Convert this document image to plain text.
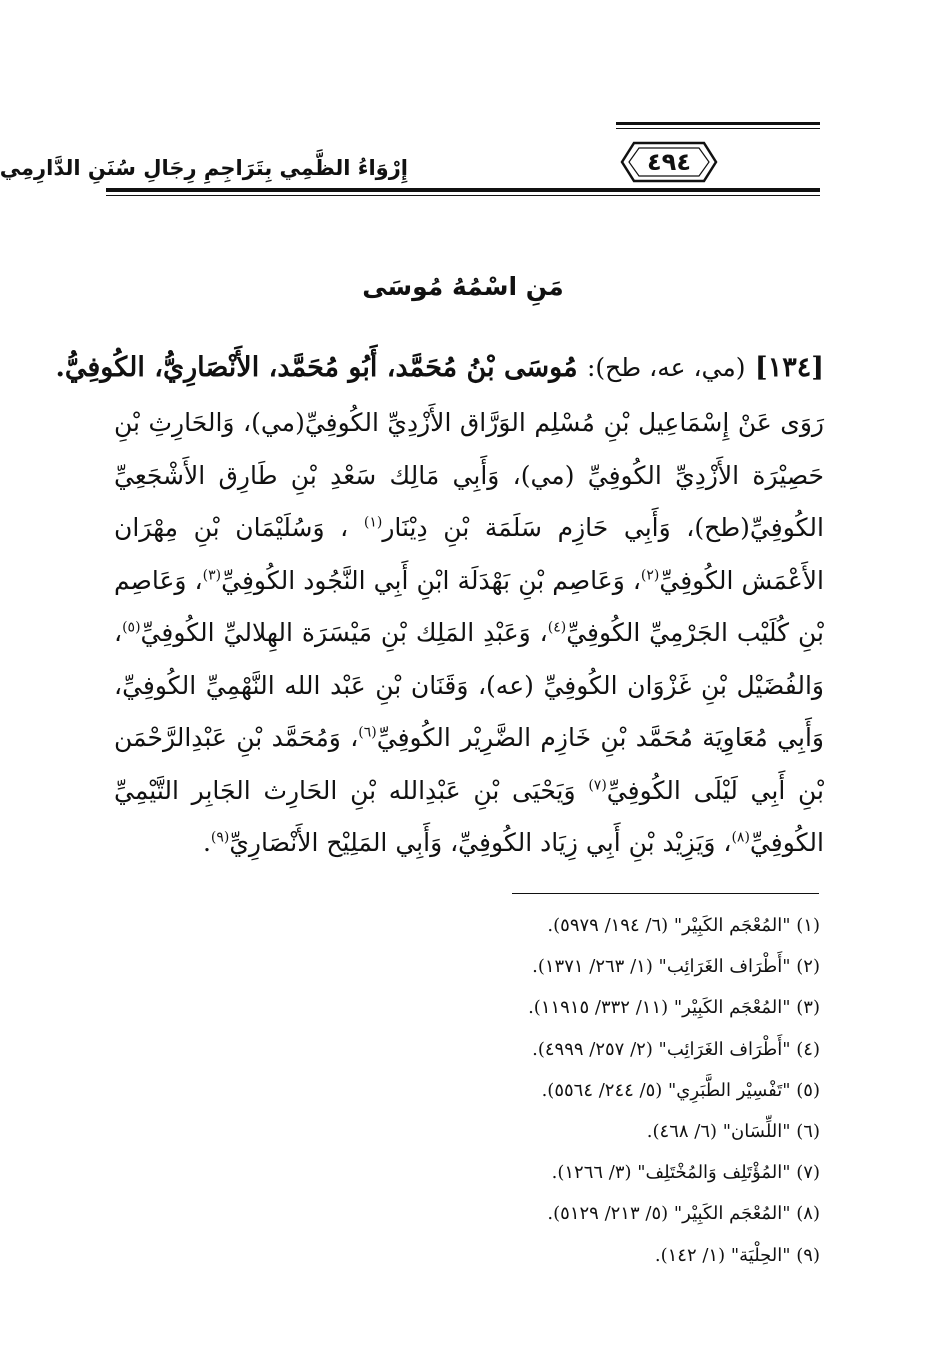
إِرْوَاءُ الظَّمِي بِتَرَاجِمِ رِجَالِ سُنَنِ الدَّارِمِي	٤٩٤
مَنِ اسْمُهُ مُوسَى
[١٣٤] (مي، عه، طح): مُوسَى بْنُ مُحَمَّد، أَبُو مُحَمَّد، الأَنْصَارِيُّ، الكُوفِيُّ.

رَوَى عَنْ إِسْمَاعِيل بْنِ مُسْلِم الوَرَّاق الأَزْدِيِّ الكُوفِيِّ(مي)، وَالحَارِثِ بْنِ حَصِيْرَة الأَزْدِيِّ الكُوفِيِّ (مي)، وَأَبِي مَالِك سَعْدِ بْنِ طَارِق الأَشْجَعِيِّ الكُوفِيِّ(طح)، وَأَبِي حَازِم سَلَمَة بْنِ دِيْنَار$^{(١)}$ ، وَسُلَيْمَان بْنِ مِهْرَان الأَعْمَش الكُوفِيِّ$^{(٢)}$، وَعَاصِم بْنِ بَهْدَلَة ابْنِ أَبِي النَّجُود الكُوفِيِّ$^{(٣)}$، وَعَاصِم بْنِ كُلَيْب الجَرْمِيِّ الكُوفِيِّ$^{(٤)}$، وَعَبْدِ المَلِك بْنِ مَيْسَرَة الهِلاليِّ الكُوفِيِّ$^{(٥)}$، وَالفُضَيْل بْنِ غَزْوَان الكُوفِيِّ (عه)، وَقَنَان بْنِ عَبْد الله النَّهْمِيِّ الكُوفِيِّ، وَأَبِي مُعَاوِيَة مُحَمَّد بْنِ خَازِم الضَّرِيْر الكُوفِيِّ$^{(٦)}$، وَمُحَمَّد بْنِ عَبْدِالرَّحْمَن بْنِ أَبِي لَيْلَى الكُوفِيِّ$^{(٧)}$ وَيَحْيَى بْنِ عَبْدِالله بْنِ الحَارِث الجَابِر التَّيْمِيِّ الكُوفِيِّ$^{(٨)}$، وَيَزِيْد بْنِ أَبِي زِيَاد الكُوفِيِّ، وَأَبِي المَلِيْح الأَنْصَارِيِّ$^{(٩)}$.

(١) "المُعْجَم الكَبِيْر" (٦/ ١٩٤/ ٥٩٧٩).
(٢) "أَطْرَاف الغَرَائِب" (١/ ٢٦٣/ ١٣٧١).
(٣) "المُعْجَم الكَبِيْر" (١١/ ٣٣٢/ ١١٩١٥).
(٤) "أَطْرَاف الغَرَائِب" (٢/ ٢٥٧/ ٤٩٩٩).
(٥) "تَفْسِيْر الطَّبَرِي" (٥/ ٢٤٤/ ٥٥٦٤).
(٦) "اللِّسَان" (٦/ ٤٦٨).
(٧) "المُؤْتَلِف وَالمُخْتَلِف" (٣/ ١٢٦٦).
(٨) "المُعْجَم الكَبِيْر" (٥/ ٢١٣/ ٥١٢٩).
(٩) "الحِلْيَة" (١/ ١٤٢).
